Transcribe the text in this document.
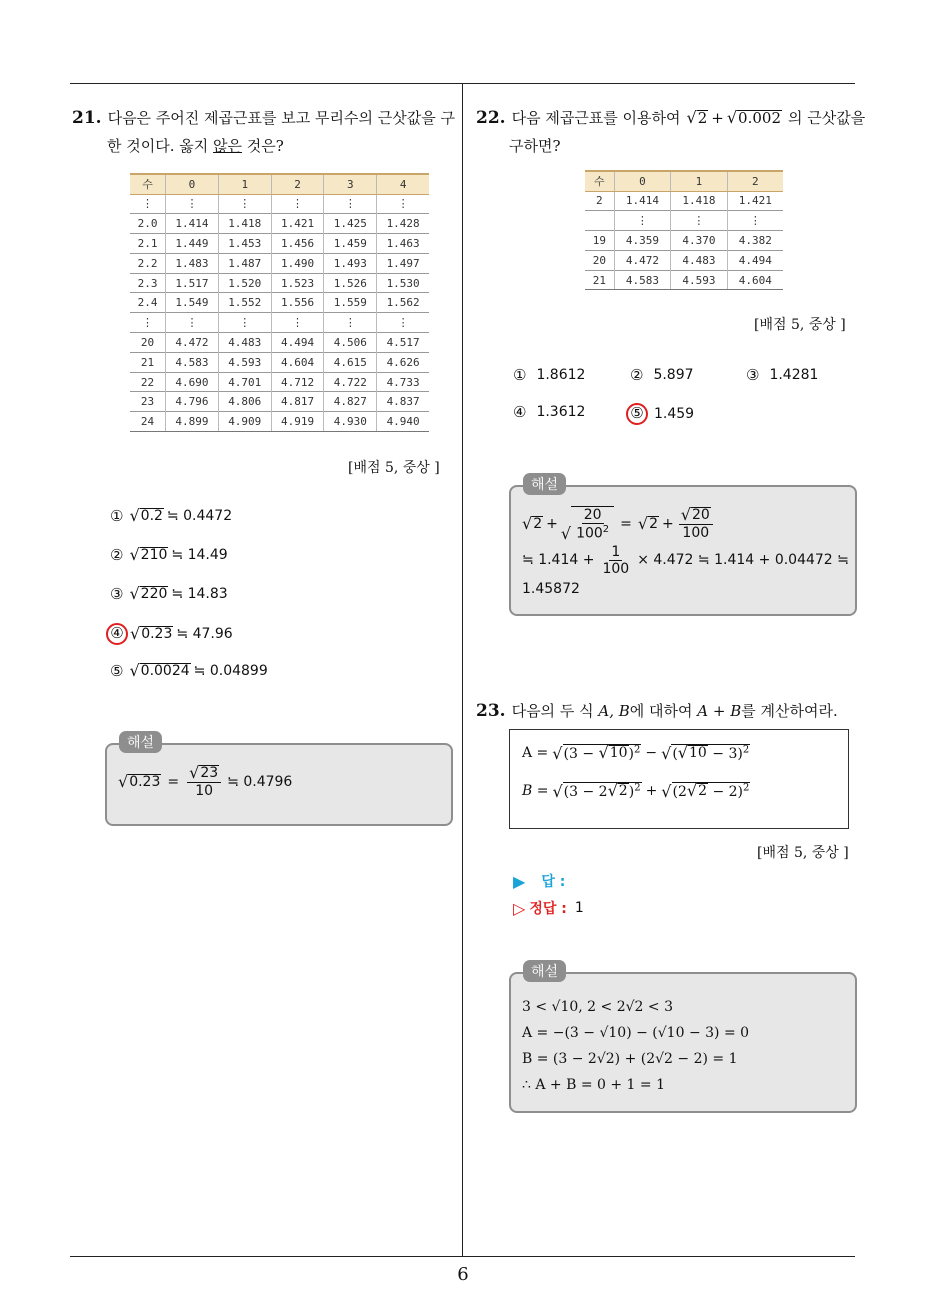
6
21. 다음은 주어진 제곱근표를 보고 무리수의 근삿값을 구
한 것이다. 옳지 않은 것은?
수	0	1	2	3	4
⋮	⋮	⋮	⋮	⋮	⋮
2.0	1.414	1.418	1.421	1.425	1.428
2.1	1.449	1.453	1.456	1.459	1.463
2.2	1.483	1.487	1.490	1.493	1.497
2.3	1.517	1.520	1.523	1.526	1.530
2.4	1.549	1.552	1.556	1.559	1.562
⋮	⋮	⋮	⋮	⋮	⋮
20	4.472	4.483	4.494	4.506	4.517
21	4.583	4.593	4.604	4.615	4.626
22	4.690	4.701	4.712	4.722	4.733
23	4.796	4.806	4.817	4.827	4.837
24	4.899	4.909	4.919	4.930	4.940
[배점 5, 중상 ]
① √ 0.2 ≒ 0.4472
② √ 210 ≒ 14.49
③ √ 220 ≒ 14.83
④ √ 0.23 ≒ 47.96
⑤ √ 0.0024 ≒ 0.04899
해설
√ $0.23 = \frac{√ 23}{10}$ ≒ 0.4796
22. 다음 제곱근표를 이용하여 √ 2 + √ 0.002 의 근삿값을
구하면?
수	0	1	2
2	1.414	1.418	1.421
	⋮	⋮	⋮
19	4.359	4.370	4.382
20	4.472	4.483	4.494
21	4.583	4.593	4.604
[배점 5, 중상 ]
① 1.8612	② 5.897	③ 1.4281
④ 1.3612	⑤ 1.459
해설
√ 2 + √ $\frac{20}{100^2}$ = √ $2 + \frac{√ 20}{100}$
≒ $1.414 + \frac{1}{100} \times 4.472$ ≒ 1.414 + 0.04472 ≒
1.45872
23. 다음의 두 식 A, B에 대하여 A + B를 계산하여라.
A = √ (3 − √ 10 )$^2$ − √ ( √ 10 − 3)$^2$
B = √ (3 − 2 √ 2 )$^2$ + √ (2 √ 2 − 2)$^2$
[배점 5, 중상 ]
▶ 답 :
▷ 정답 : 1
해설
3 < √10, 2 < 2√2 < 3
A = −(3 − √10) − (√10 − 3) = 0
B = (3 − 2√2) + (2√2 − 2) = 1
∴ A + B = 0 + 1 = 1
